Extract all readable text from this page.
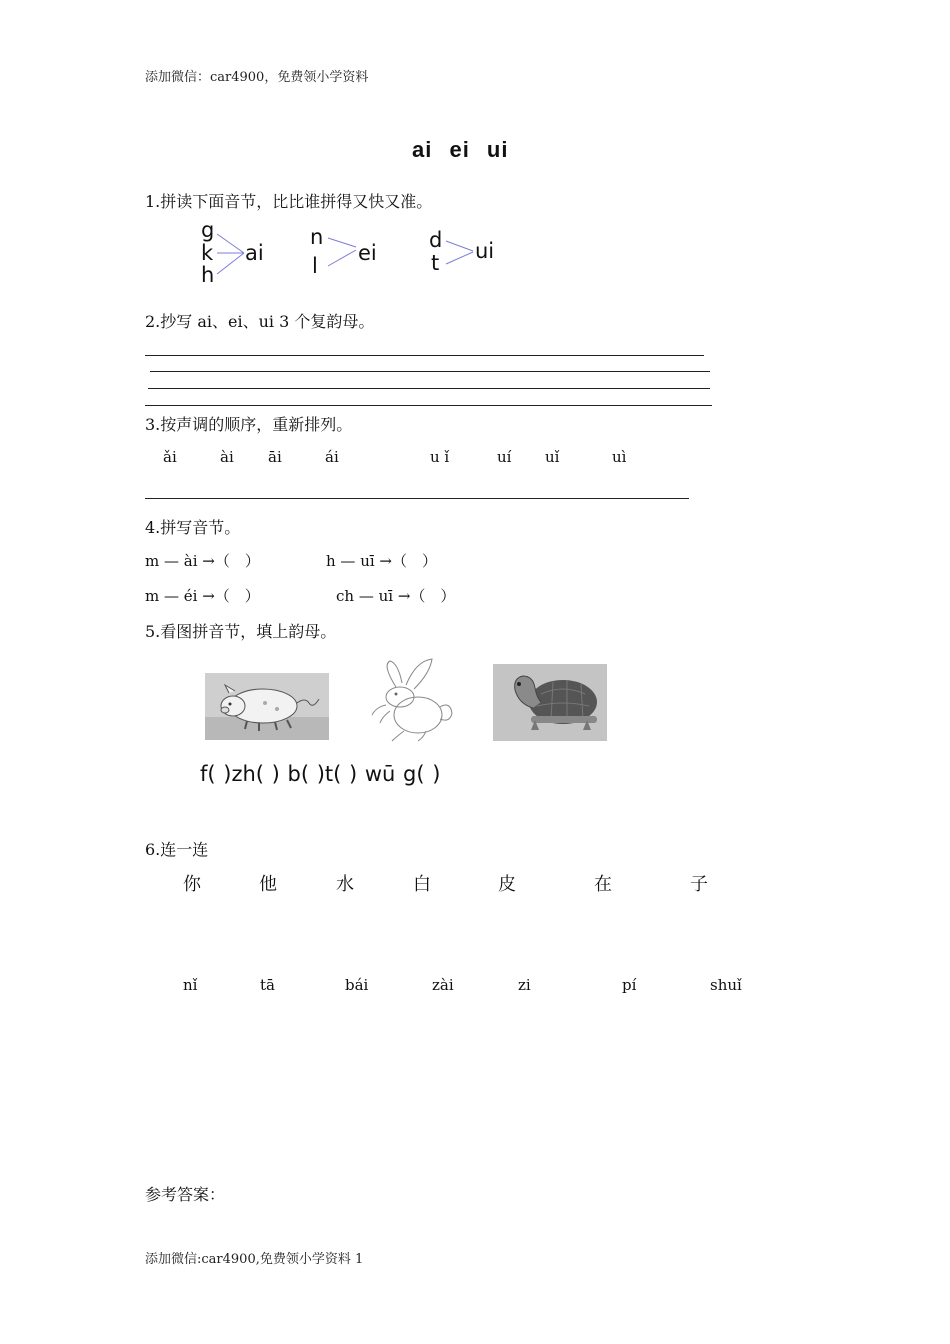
添加微信：car4900，免费领小学资料
ai ei ui
1.拼读下面音节，比比谁拼得又快又准。
g
k
h
ai
n
l
ei
d
t ui
2.抄写 ai、ei、ui 3 个复韵母。
3.按声调的顺序，重新排列。
ǎi	ài āi	ái	u ǐ	uí uǐ	uì
4.拼写音节。
m — ài →（　）	h — uī →（　）
m — éi →（　）	ch — uī →（　）
5.看图拼音节，填上韵母。
f( )zh( ) b( )t( ) wū g( )
6.连一连
你	他	水	白	皮	在	子
nǐ	tā	bái	zài	zi	pí	shuǐ
参考答案：
添加微信:car4900,免费领小学资料 1
